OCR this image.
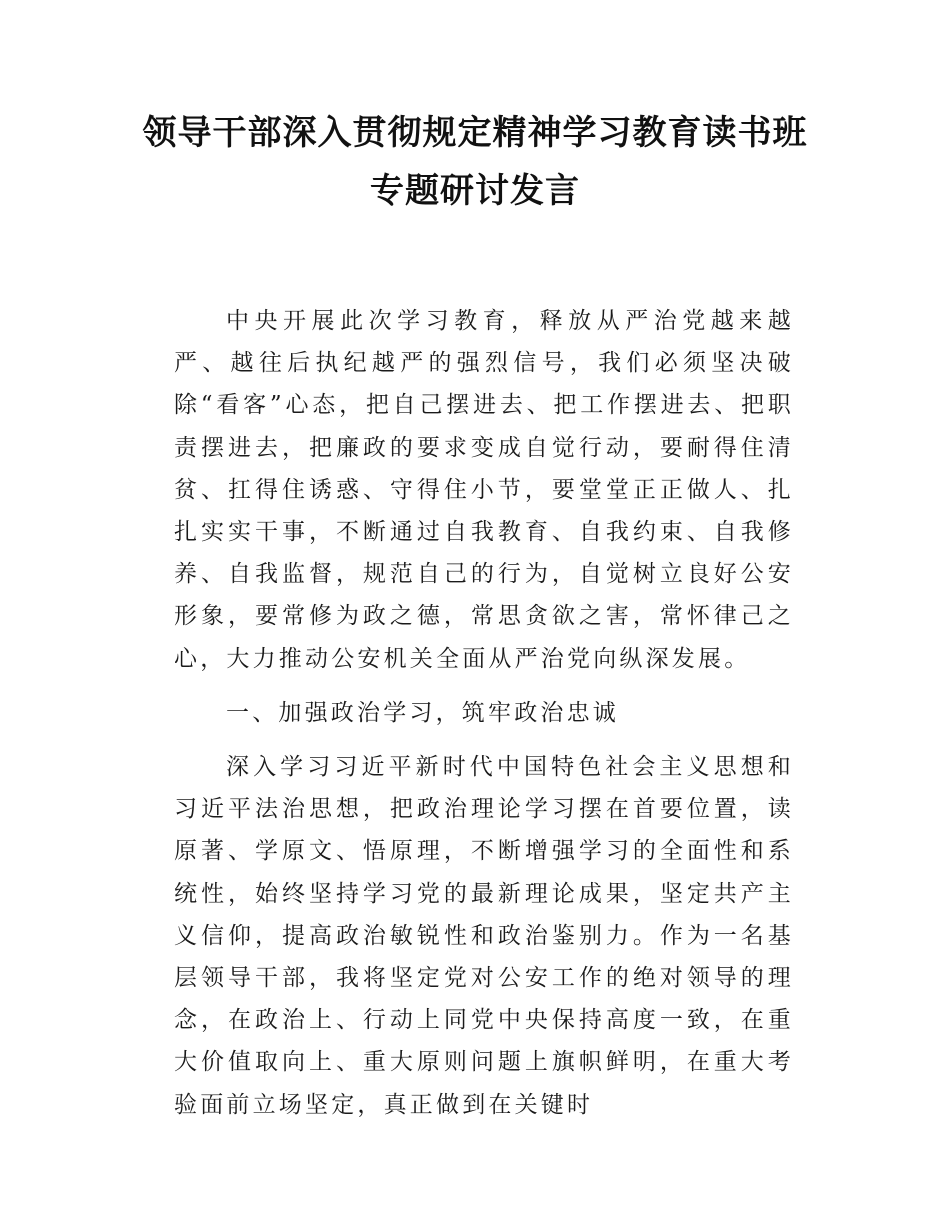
领导干部深入贯彻规定精神学习教育读书班
专题研讨发言

中央开展此次学习教育，释放从严治党越来越严、越往后执纪越严的强烈信号，我们必须坚决破除“看客”心态，把自己摆进去、把工作摆进去、把职责摆进去，把廉政的要求变成自觉行动，要耐得住清贫、扛得住诱惑、守得住小节，要堂堂正正做人、扎扎实实干事，不断通过自我教育、自我约束、自我修养、自我监督，规范自己的行为，自觉树立良好公安形象，要常修为政之德，常思贪欲之害，常怀律己之心，大力推动公安机关全面从严治党向纵深发展。

一、加强政治学习，筑牢政治忠诚

深入学习习近平新时代中国特色社会主义思想和习近平法治思想，把政治理论学习摆在首要位置，读原著、学原文、悟原理，不断增强学习的全面性和系统性，始终坚持学习党的最新理论成果，坚定共产主义信仰，提高政治敏锐性和政治鉴别力。作为一名基层领导干部，我将坚定党对公安工作的绝对领导的理念，在政治上、行动上同党中央保持高度一致，在重大价值取向上、重大原则问题上旗帜鲜明，在重大考验面前立场坚定，真正做到在关键时
